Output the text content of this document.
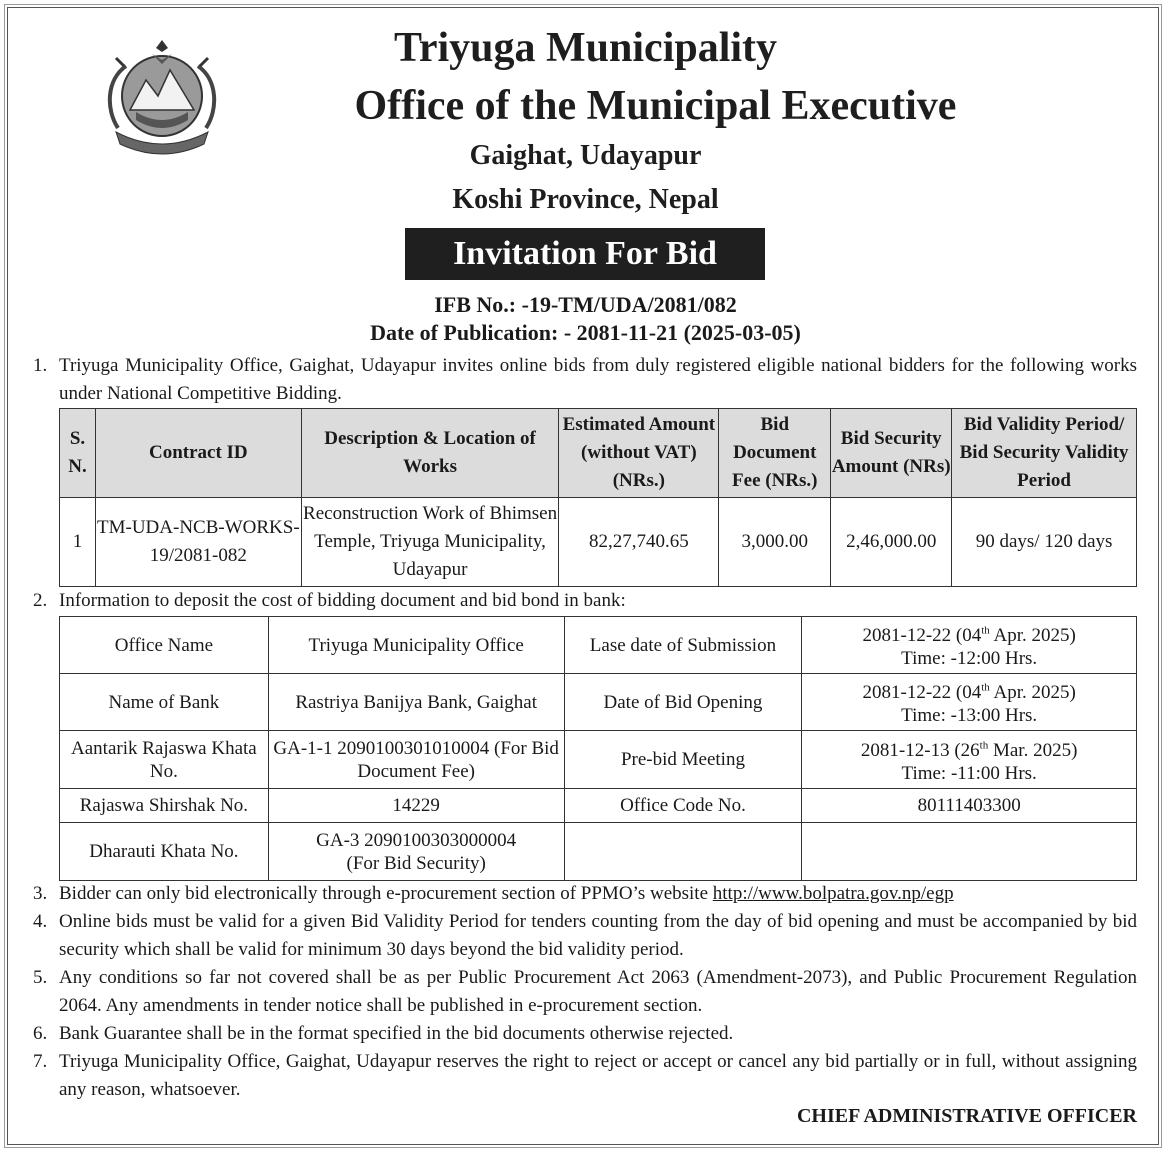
Triyuga Municipality
Office of the Municipal Executive
Gaighat, Udayapur
Koshi Province, Nepal
Invitation For Bid
IFB No.: -19-TM/UDA/2081/082
Date of Publication: - 2081-11-21 (2025-03-05)
1. Triyuga Municipality Office, Gaighat, Udayapur invites online bids from duly registered eligible national bidders for the following works under National Competitive Bidding.
S. N.	Contract ID	Description & Location of Works	Estimated Amount (without VAT) (NRs.)	Bid Document Fee (NRs.)	Bid Security Amount (NRs)	Bid Validity Period/ Bid Security Validity Period
1	TM-UDA-NCB-WORKS-19/2081-082	Reconstruction Work of Bhimsen Temple, Triyuga Municipality, Udayapur	82,27,740.65	3,000.00	2,46,000.00	90 days/ 120 days
2. Information to deposit the cost of bidding document and bid bond in bank:
Office Name	Triyuga Municipality Office	Lase date of Submission	2081-12-22 (04th Apr. 2025)
Time: -12:00 Hrs.
Name of Bank	Rastriya Banijya Bank, Gaighat	Date of Bid Opening	2081-12-22 (04th Apr. 2025)
Time: -13:00 Hrs.
Aantarik Rajaswa Khata No.	GA-1-1 2090100301010004 (For Bid Document Fee)	Pre-bid Meeting	2081-12-13 (26th Mar. 2025)
Time: -11:00 Hrs.
Rajaswa Shirshak No.	14229	Office Code No.	80111403300
Dharauti Khata No.	GA-3 2090100303000004
(For Bid Security)		
3. Bidder can only bid electronically through e-procurement section of PPMO’s website http://www.bolpatra.gov.np/egp
4. Online bids must be valid for a given Bid Validity Period for tenders counting from the day of bid opening and must be accompanied by bid security which shall be valid for minimum 30 days beyond the bid validity period.
5. Any conditions so far not covered shall be as per Public Procurement Act 2063 (Amendment-2073), and Public Procurement Regulation 2064. Any amendments in tender notice shall be published in e-procurement section.
6. Bank Guarantee shall be in the format specified in the bid documents otherwise rejected.
7. Triyuga Municipality Office, Gaighat, Udayapur reserves the right to reject or accept or cancel any bid partially or in full, without assigning any reason, whatsoever.
CHIEF ADMINISTRATIVE OFFICER
